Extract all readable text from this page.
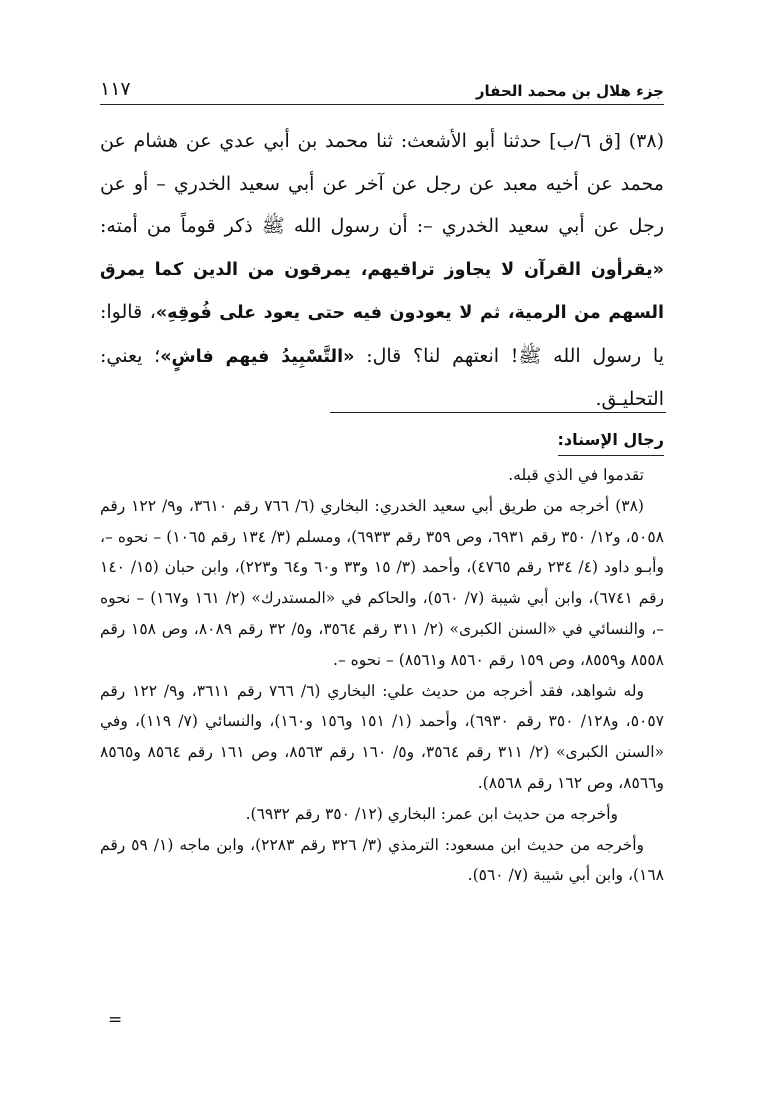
جزء هلال بن محمد الحفار
١١٧
(٣٨) [ق ٦/ب] حدثنا أبو الأشعث: ثنا محمد بن أبي عدي عن هشام عن محمد عن أخيه معبد عن رجل عن آخر عن أبي سعيد الخدري – أو عن رجل عن أبي سعيد الخدري –: أن رسول الله ﷺ ذكر قوماً من أمته: «يقرأون القرآن لا يجاوز تراقيهم، يمرقون من الدين كما يمرق السهم من الرمية، ثم لا يعودون فيه حتى يعود على فُوقِهِ»، قالوا: يا رسول الله ﷺ! انعتهم لنا؟ قال: «التَّسْبِيدُ فيهم فاشٍ»؛ يعني: التحليـق.
رجال الإسناد:

تقدموا في الذي قبله.

(٣٨) أخرجه من طريق أبي سعيد الخدري: البخاري (٦/ ٧٦٦ رقم ٣٦١٠، و٩/ ١٢٢ رقم ٥٠٥٨، و١٢/ ٣٥٠ رقم ٦٩٣١، وص ٣٥٩ رقم ٦٩٣٣)، ومسلم (٣/ ١٣٤ رقم ١٠٦٥) – نحوه –، وأبـو داود (٤/ ٢٣٤ رقم ٤٧٦٥)، وأحمد (٣/ ١٥ و٣٣ و٦٠ و٦٤ و٢٢٣)، وابن حبان (١٥/ ١٤٠ رقم ٦٧٤١)، وابن أبي شيبة (٧/ ٥٦٠)، والحاكم في «المستدرك» (٢/ ١٦١ و١٦٧) – نحوه –، والنسائي في «السنن الكبرى» (٢/ ٣١١ رقم ٣٥٦٤، و٥/ ٣٢ رقم ٨٠٨٩، وص ١٥٨ رقم ٨٥٥٨ و٨٥٥٩، وص ١٥٩ رقم ٨٥٦٠ و٨٥٦١) – نحوه –.

وله شواهد، فقد أخرجه من حديث علي: البخاري (٦/ ٧٦٦ رقم ٣٦١١، و٩/ ١٢٢ رقم ٥٠٥٧، و١٢٨/ ٣٥٠ رقم ٦٩٣٠)، وأحمد (١/ ١٥١ و١٥٦ و١٦٠)، والنسائي (٧/ ١١٩)، وفي «السنن الكبرى» (٢/ ٣١١ رقم ٣٥٦٤، و٥/ ١٦٠ رقم ٨٥٦٣، وص ١٦١ رقم ٨٥٦٤ و٨٥٦٥ و٨٥٦٦، وص ١٦٢ رقم ٨٥٦٨).

وأخرجه من حديث ابن عمر: البخاري (١٢/ ٣٥٠ رقم ٦٩٣٢).

وأخرجه من حديث ابن مسعود: الترمذي (٣/ ٣٢٦ رقم ٢٢٨٣)، وابن ماجه (١/ ٥٩ رقم ١٦٨)، وابن أبي شيبة (٧/ ٥٦٠).

=
